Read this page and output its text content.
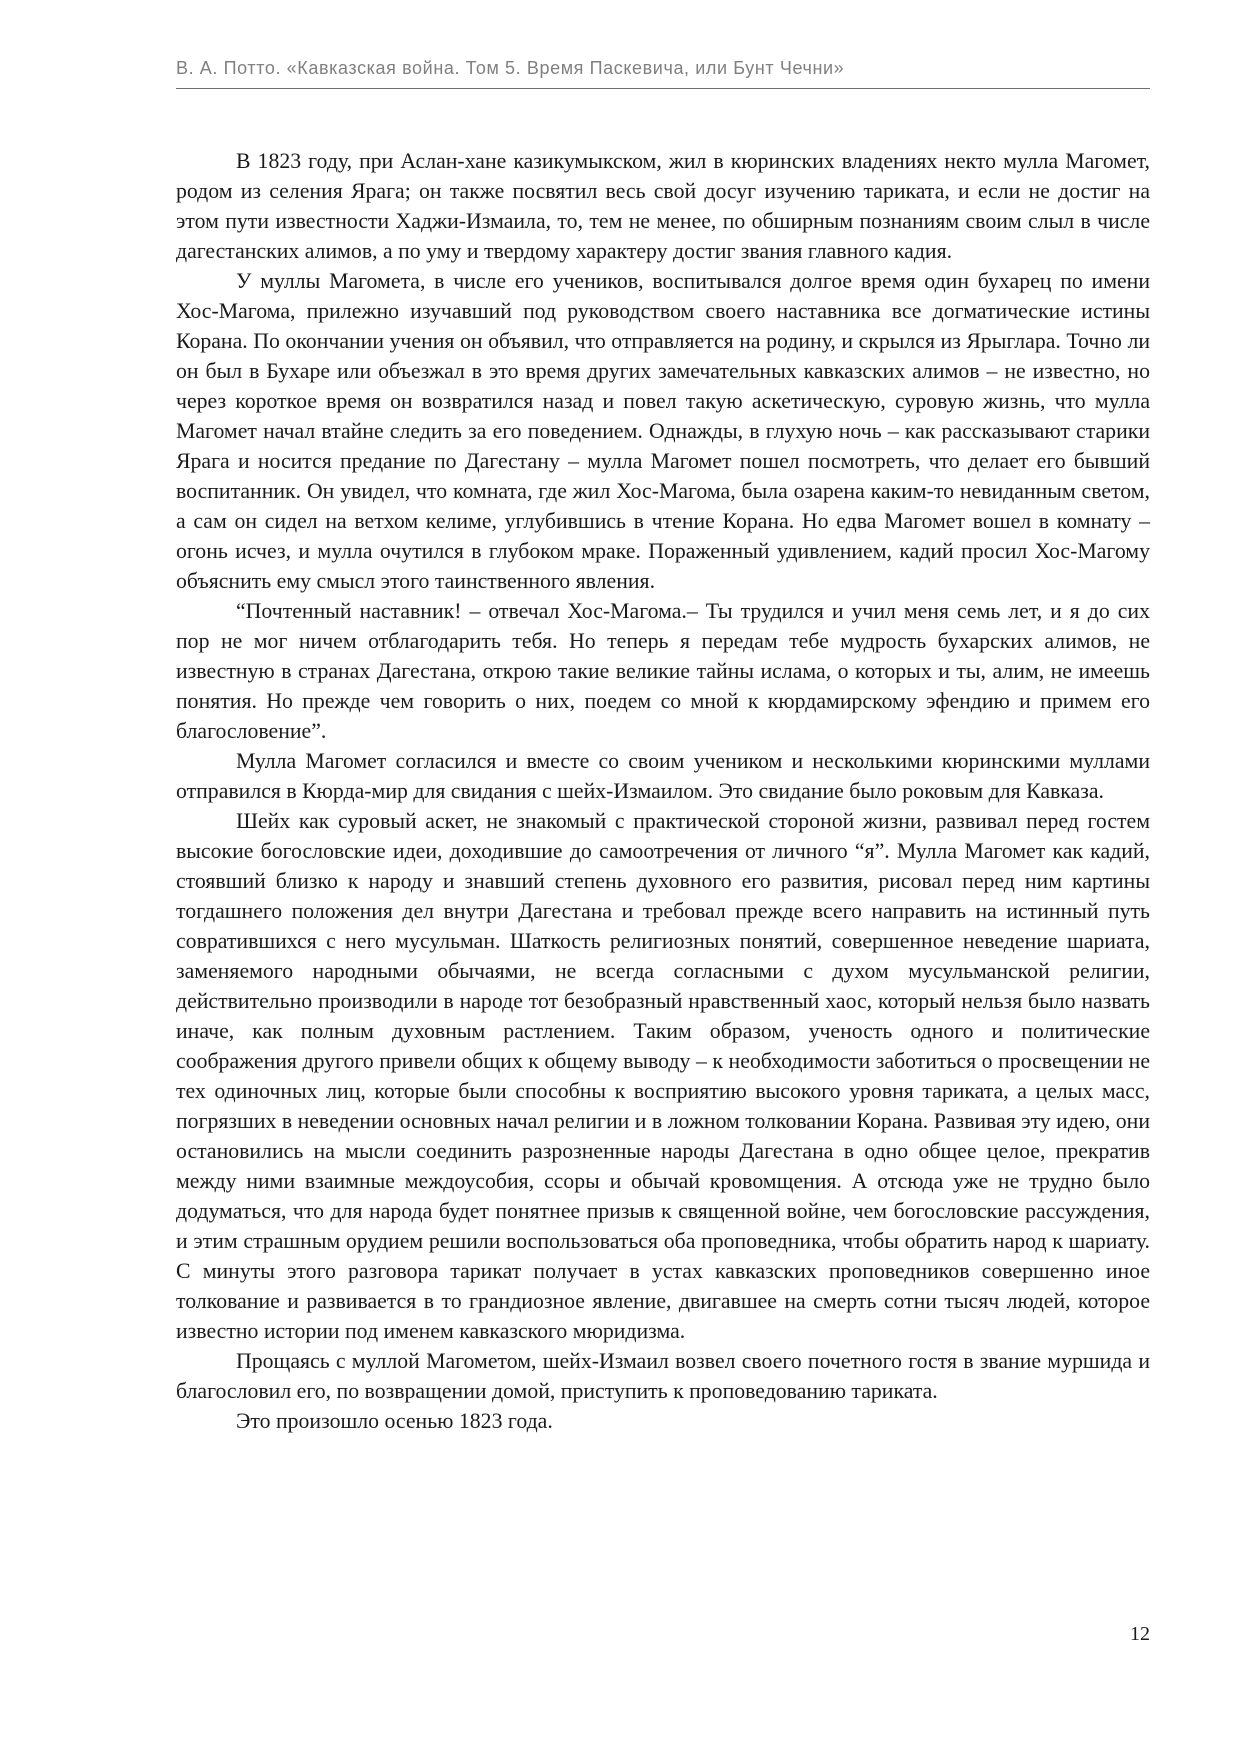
В. А. Потто. «Кавказская война. Том 5. Время Паскевича, или Бунт Чечни»

В 1823 году, при Аслан-хане казикумыкском, жил в кюринских владениях некто мулла Магомет, родом из селения Ярага; он также посвятил весь свой досуг изучению тариката, и если не достиг на этом пути известности Хаджи-Измаила, то, тем не менее, по обширным познаниям своим слыл в числе дагестанских алимов, а по уму и твердому характеру достиг звания главного кадия.

У муллы Магомета, в числе его учеников, воспитывался долгое время один бухарец по имени Хос-Магома, прилежно изучавший под руководством своего наставника все догматические истины Корана. По окончании учения он объявил, что отправляется на родину, и скрылся из Ярыглара. Точно ли он был в Бухаре или объезжал в это время других замечательных кавказских алимов – не известно, но через короткое время он возвратился назад и повел такую аскетическую, суровую жизнь, что мулла Магомет начал втайне следить за его поведением. Однажды, в глухую ночь – как рассказывают старики Ярага и носится предание по Дагестану – мулла Магомет пошел посмотреть, что делает его бывший воспитанник. Он увидел, что комната, где жил Хос-Магома, была озарена каким-то невиданным светом, а сам он сидел на ветхом келиме, углубившись в чтение Корана. Но едва Магомет вошел в комнату – огонь исчез, и мулла очутился в глубоком мраке. Пораженный удивлением, кадий просил Хос-Магому объяснить ему смысл этого таинственного явления.

“Почтенный наставник! – отвечал Хос-Магома.– Ты трудился и учил меня семь лет, и я до сих пор не мог ничем отблагодарить тебя. Но теперь я передам тебе мудрость бухарских алимов, не известную в странах Дагестана, открою такие великие тайны ислама, о которых и ты, алим, не имеешь понятия. Но прежде чем говорить о них, поедем со мной к кюрдамирскому эфендию и примем его благословение”.

Мулла Магомет согласился и вместе со своим учеником и несколькими кюринскими муллами отправился в Кюрда-мир для свидания с шейх-Измаилом. Это свидание было роковым для Кавказа.

Шейх как суровый аскет, не знакомый с практической стороной жизни, развивал перед гостем высокие богословские идеи, доходившие до самоотречения от личного “я”. Мулла Магомет как кадий, стоявший близко к народу и знавший степень духовного его развития, рисовал перед ним картины тогдашнего положения дел внутри Дагестана и требовал прежде всего направить на истинный путь совратившихся с него мусульман. Шаткость религиозных понятий, совершенное неведение шариата, заменяемого народными обычаями, не всегда согласными с духом мусульманской религии, действительно производили в народе тот безобразный нравственный хаос, который нельзя было назвать иначе, как полным духовным растлением. Таким образом, ученость одного и политические соображения другого привели общих к общему выводу – к необходимости заботиться о просвещении не тех одиночных лиц, которые были способны к восприятию высокого уровня тариката, а целых масс, погрязших в неведении основных начал религии и в ложном толковании Корана. Развивая эту идею, они остановились на мысли соединить разрозненные народы Дагестана в одно общее целое, прекратив между ними взаимные междоусобия, ссоры и обычай кровомщения. А отсюда уже не трудно было додуматься, что для народа будет понятнее призыв к священной войне, чем богословские рассуждения, и этим страшным орудием решили воспользоваться оба проповедника, чтобы обратить народ к шариату. С минуты этого разговора тарикат получает в устах кавказских проповедников совершенно иное толкование и развивается в то грандиозное явление, двигавшее на смерть сотни тысяч людей, которое известно истории под именем кавказского мюридизма.

Прощаясь с муллой Магометом, шейх-Измаил возвел своего почетного гостя в звание муршида и благословил его, по возвращении домой, приступить к проповедованию тариката.

Это произошло осенью 1823 года.

12
